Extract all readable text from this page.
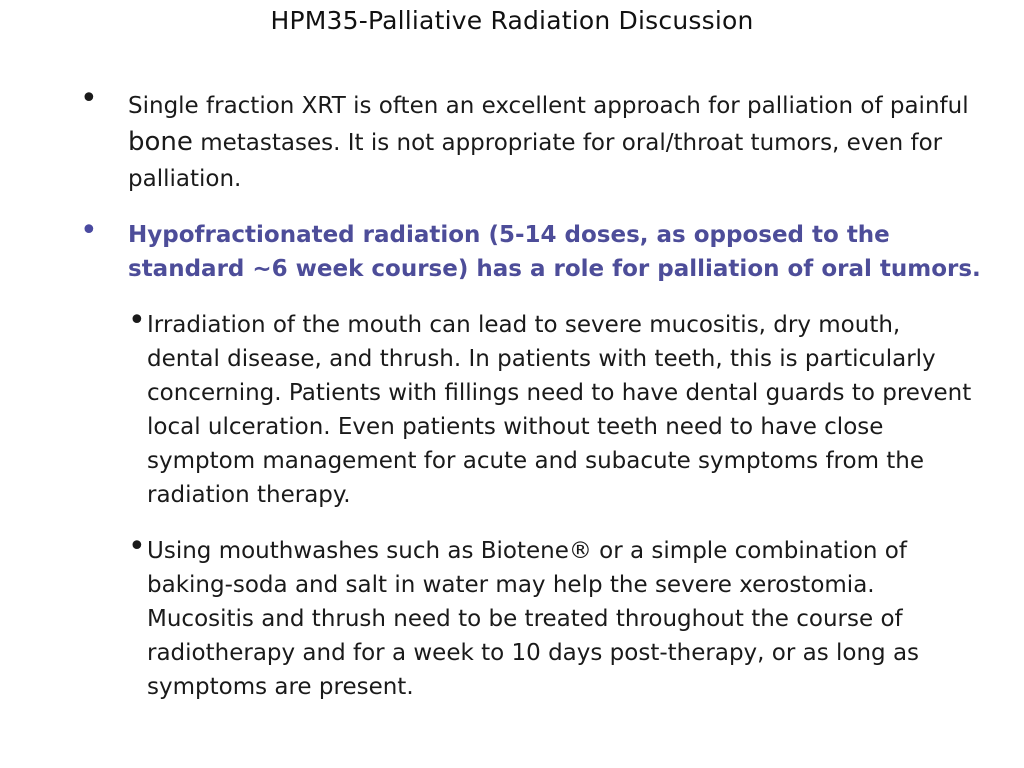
HPM35-Palliative Radiation Discussion
• Single fraction XRT is often an excellent approach for palliation of painful bone metastases. It is not appropriate for oral/throat tumors, even for palliation.
• Hypofractionated radiation (5-14 doses, as opposed to the standard ~6 week course) has a role for palliation of oral tumors.
• Irradiation of the mouth can lead to severe mucositis, dry mouth, dental disease, and thrush. In patients with teeth, this is particularly concerning. Patients with fillings need to have dental guards to prevent local ulceration. Even patients without teeth need to have close symptom management for acute and subacute symptoms from the radiation therapy.
• Using mouthwashes such as Biotene® or a simple combination of baking-soda and salt in water may help the severe xerostomia. Mucositis and thrush need to be treated throughout the course of radiotherapy and for a week to 10 days post-therapy, or as long as symptoms are present.
